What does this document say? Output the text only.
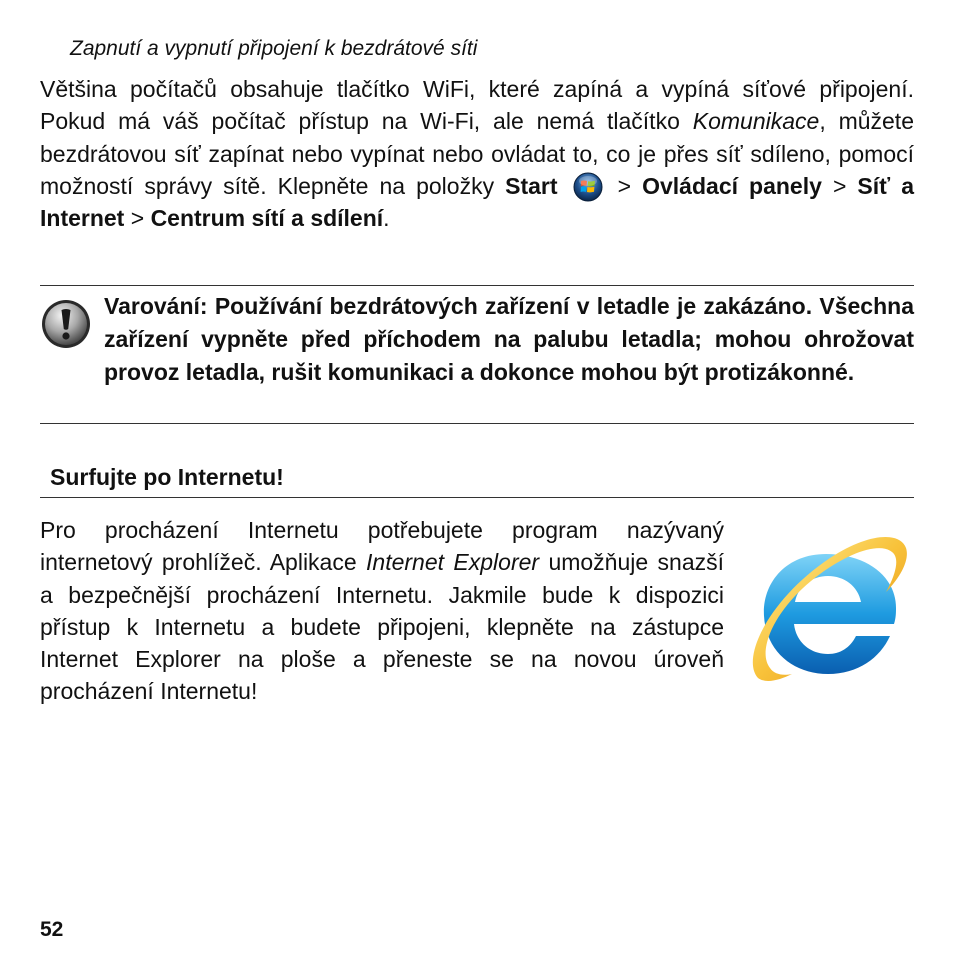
Zapnutí a vypnutí připojení k bezdrátové síti
Většina počítačů obsahuje tlačítko WiFi, které zapíná a vypíná síťové připojení. Pokud má váš počítač přístup na Wi-Fi, ale nemá tlačítko Komunikace, můžete bezdrátovou síť zapínat nebo vypínat nebo ovládat to, co je přes síť sdíleno, pomocí možností správy sítě. Klepněte na položky Start  > Ovládací panely > Síť a Internet > Centrum sítí a sdílení.
Varování: Používání bezdrátových zařízení v letadle je zakázáno. Všechna zařízení vypněte před příchodem na palubu letadla; mohou ohrožovat provoz letadla, rušit komunikaci a dokonce mohou být protizákonné.
Surfujte po Internetu!
Pro procházení Internetu potřebujete program nazývaný internetový prohlížeč. Aplikace Internet Explorer umožňuje snazší a bezpečnější procházení Internetu. Jakmile bude k dispozici přístup k Internetu a budete připojeni, klepněte na zástupce Internet Explorer na ploše a přeneste se na novou úroveň procházení Internetu!
52
